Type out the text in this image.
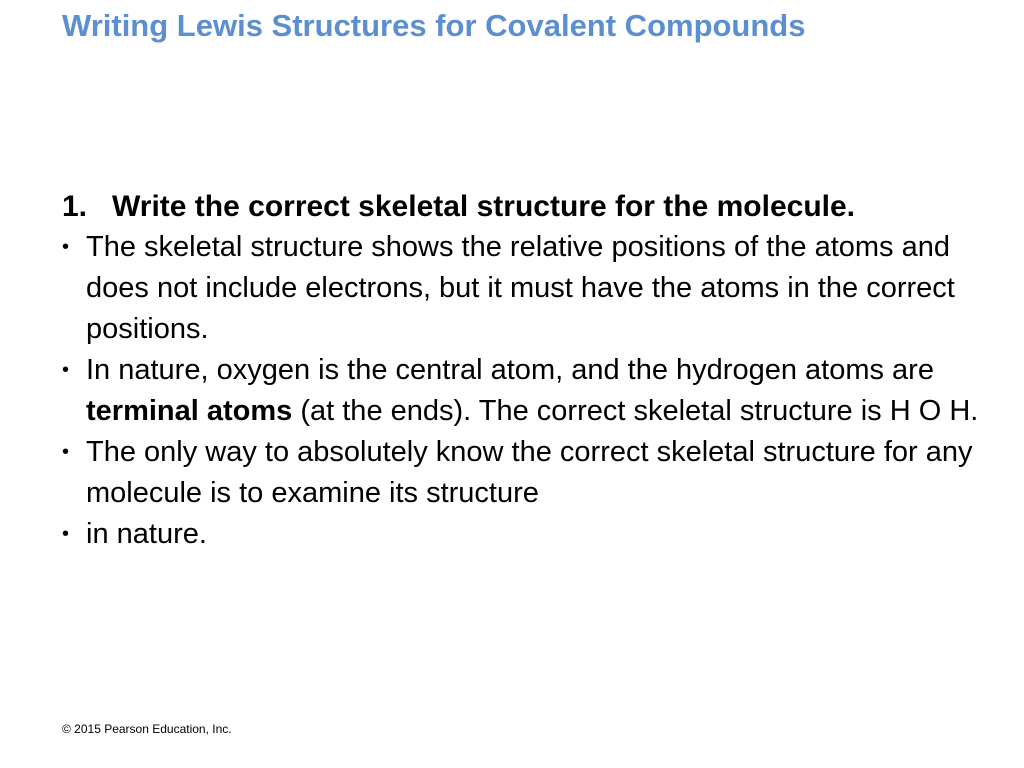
Writing Lewis Structures for Covalent Compounds
1. Write the correct skeletal structure for the molecule.
• The skeletal structure shows the relative positions of the atoms and does not include electrons, but it must have the atoms in the correct positions.
• In nature, oxygen is the central atom, and the hydrogen atoms are terminal atoms (at the ends). The correct skeletal structure is H O H.
• The only way to absolutely know the correct skeletal structure for any molecule is to examine its structure
• in nature.
© 2015 Pearson Education, Inc.
